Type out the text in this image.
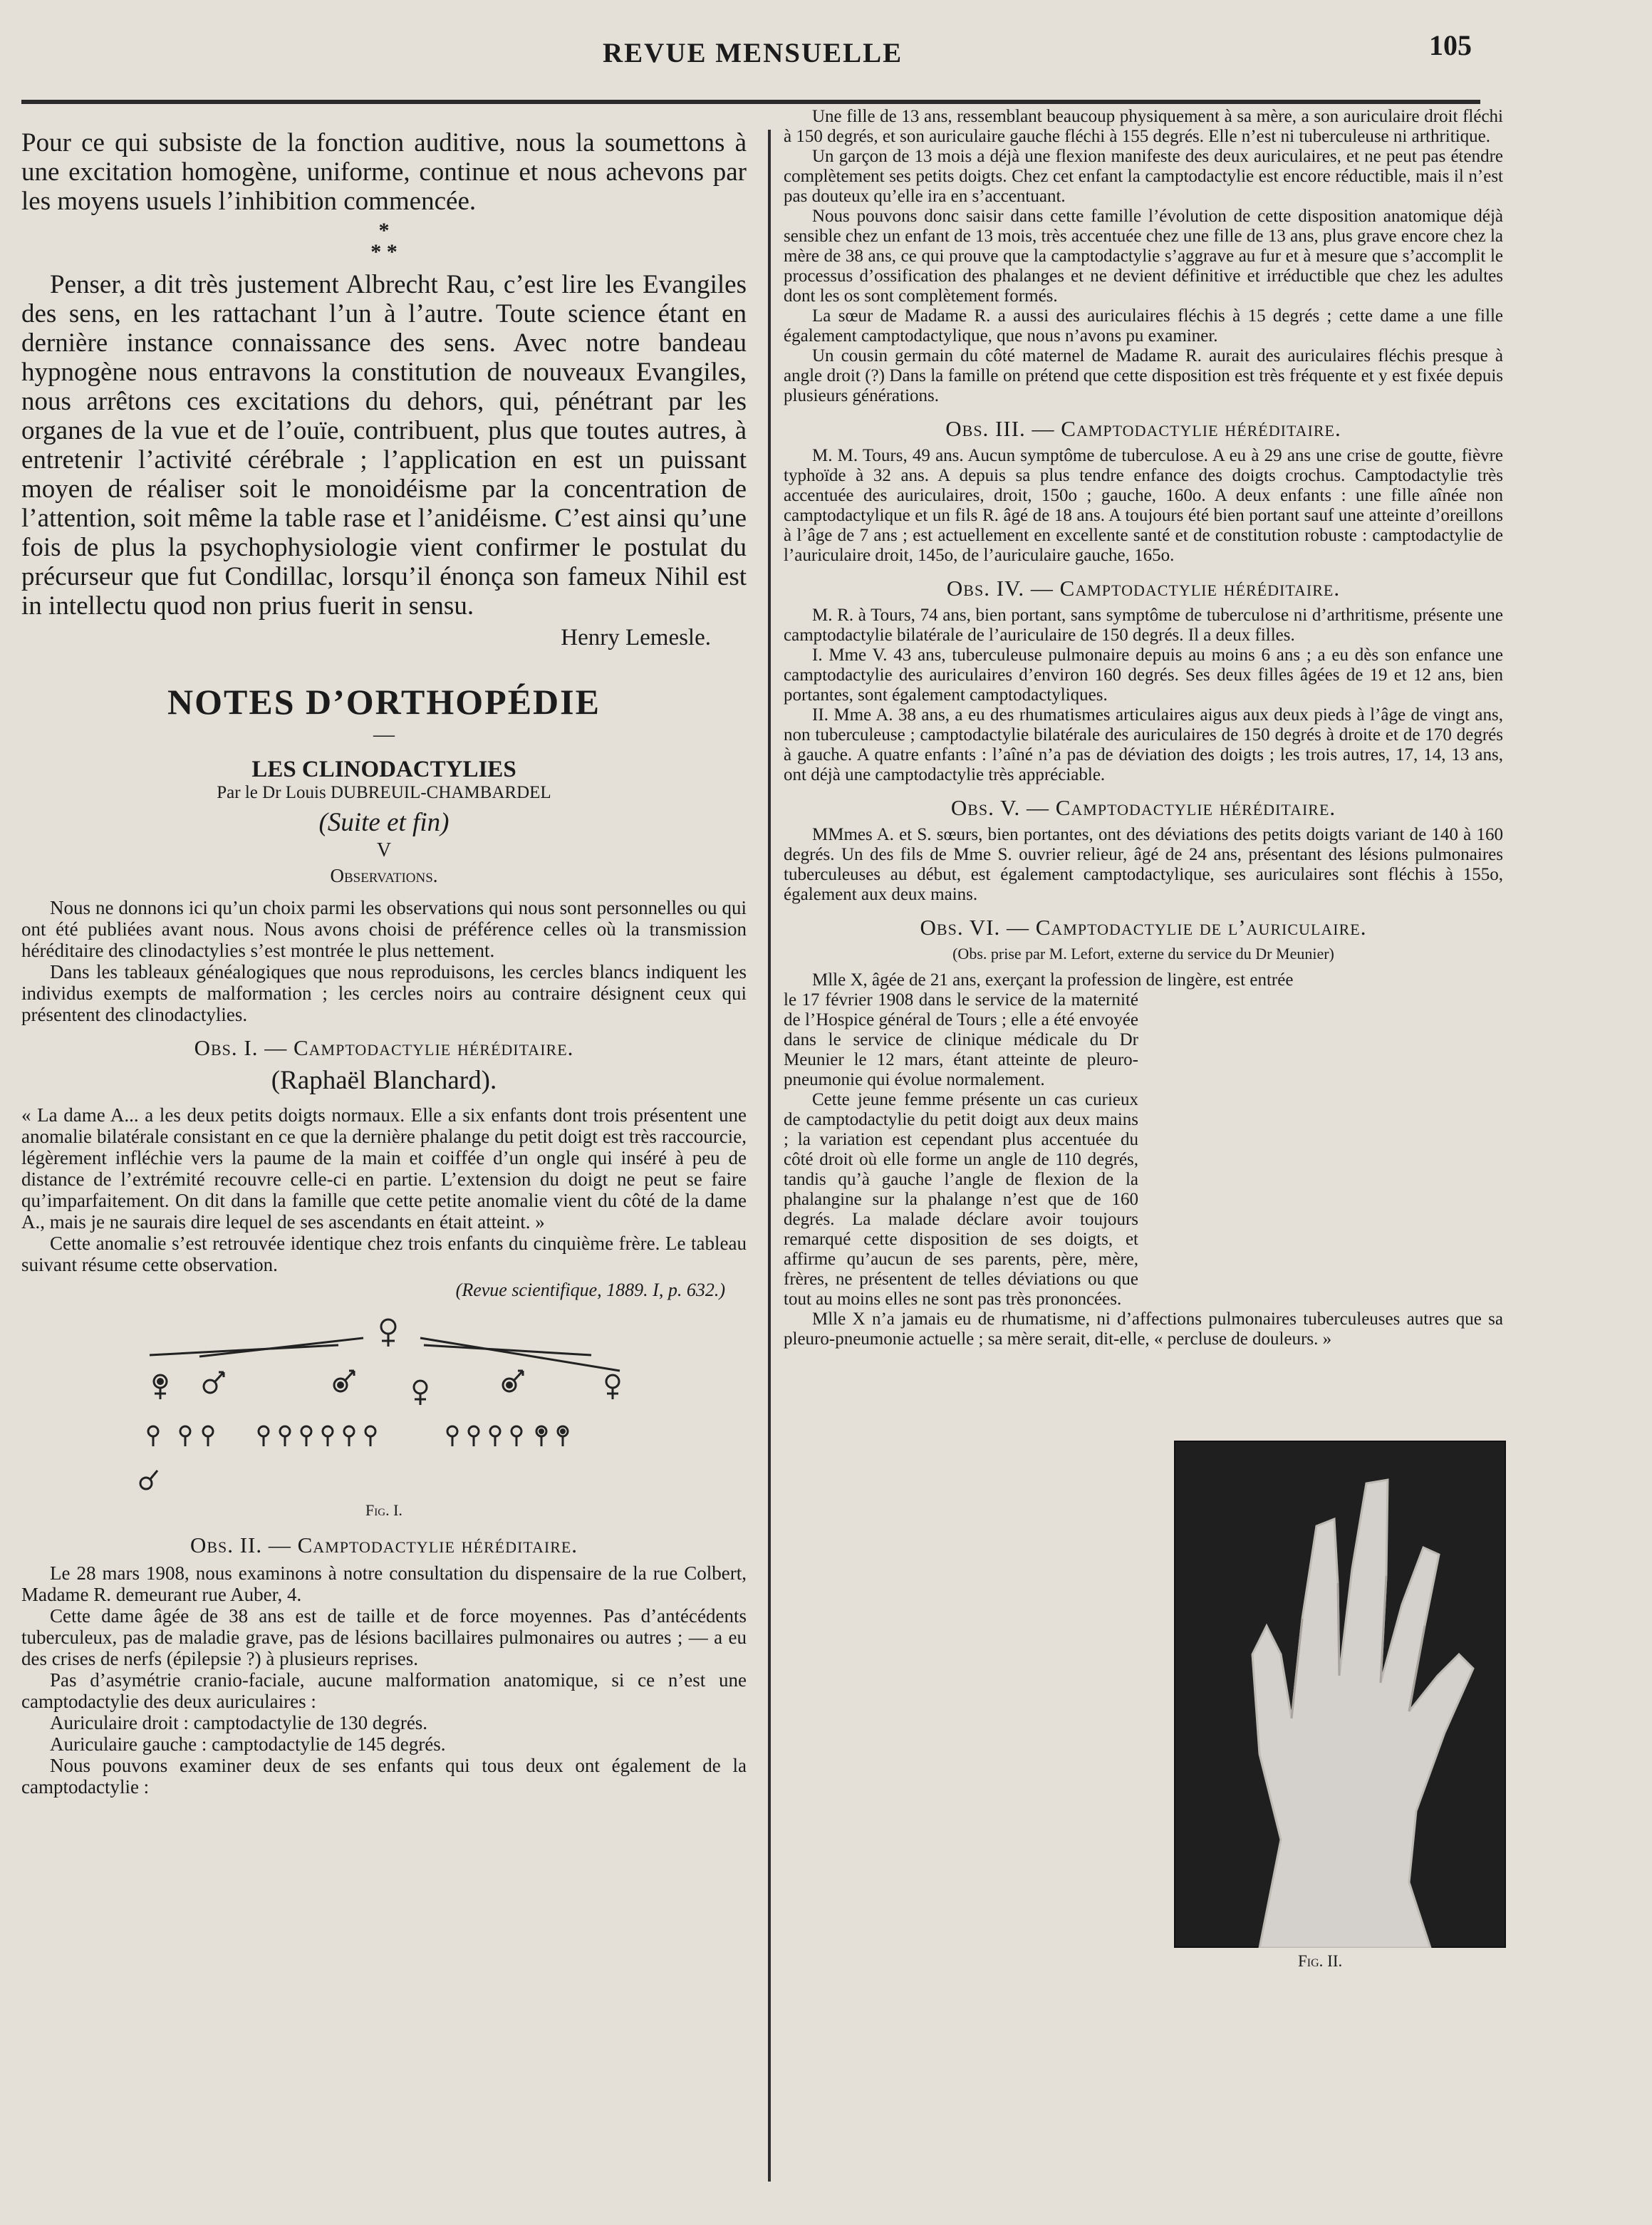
REVUE MENSUELLE	105

Pour ce qui subsiste de la fonction auditive, nous la soumettons à une excitation homogène, uniforme, continue et nous achevons par les moyens usuels l’inhibition commencée.

*
* *

Penser, a dit très justement Albrecht Rau, c’est lire les Evangiles des sens, en les rattachant l’un à l’autre. Toute science étant en dernière instance connaissance des sens. Avec notre bandeau hypnogène nous entravons la constitution de nouveaux Evangiles, nous arrêtons ces excitations du dehors, qui, pénétrant par les organes de la vue et de l’ouïe, contribuent, plus que toutes autres, à entretenir l’activité cérébrale ; l’application en est un puissant moyen de réaliser soit le monoidéisme par la concentration de l’attention, soit même la table rase et l’anidéisme. C’est ainsi qu’une fois de plus la psychophysiologie vient confirmer le postulat du précurseur que fut Condillac, lorsqu’il énonça son fameux Nihil est in intellectu quod non prius fuerit in sensu.

Henry Lemesle.
NOTES D’ORTHOPÉDIE
—
LES CLINODACTYLIES
Par le Dr Louis DUBREUIL-CHAMBARDEL
(Suite et fin)
V
Observations.

Nous ne donnons ici qu’un choix parmi les observations qui nous sont personnelles ou qui ont été publiées avant nous. Nous avons choisi de préférence celles où la transmission héréditaire des clinodactylies s’est montrée le plus nettement.

Dans les tableaux généalogiques que nous reproduisons, les cercles blancs indiquent les individus exempts de malformation ; les cercles noirs au contraire désignent ceux qui présentent des clinodactylies.

Obs. I. — Camptodactylie héréditaire.
(Raphaël Blanchard).

« La dame A... a les deux petits doigts normaux. Elle a six enfants dont trois présentent une anomalie bilatérale consistant en ce que la dernière phalange du petit doigt est très raccourcie, légèrement infléchie vers la paume de la main et coiffée d’un ongle qui inséré à peu de distance de l’extrémité recouvre celle-ci en partie. L’extension du doigt ne peut se faire qu’imparfaitement. On dit dans la famille que cette petite anomalie vient du côté de la dame A., mais je ne saurais dire lequel de ses ascendants en était atteint. »

Cette anomalie s’est retrouvée identique chez trois enfants du cinquième frère. Le tableau suivant résume cette observation.

(Revue scientifique, 1889. I, p. 632.)
Fig. I.
Obs. II. — Camptodactylie héréditaire.

Le 28 mars 1908, nous examinons à notre consultation du dispensaire de la rue Colbert, Madame R. demeurant rue Auber, 4.

Cette dame âgée de 38 ans est de taille et de force moyennes. Pas d’antécédents tuberculeux, pas de maladie grave, pas de lésions bacillaires pulmonaires ou autres ; — a eu des crises de nerfs (épilepsie ?) à plusieurs reprises.

Pas d’asymétrie cranio-faciale, aucune malformation anatomique, si ce n’est une camptodactylie des deux auriculaires :

Auriculaire droit : camptodactylie de 130 degrés.

Auriculaire gauche : camptodactylie de 145 degrés.

Nous pouvons examiner deux de ses enfants qui tous deux ont également de la camptodactylie :

Une fille de 13 ans, ressemblant beaucoup physiquement à sa mère, a son auriculaire droit fléchi à 150 degrés, et son auriculaire gauche fléchi à 155 degrés. Elle n’est ni tuberculeuse ni arthritique.

Un garçon de 13 mois a déjà une flexion manifeste des deux auriculaires, et ne peut pas étendre complètement ses petits doigts. Chez cet enfant la camptodactylie est encore réductible, mais il n’est pas douteux qu’elle ira en s’accentuant.

Nous pouvons donc saisir dans cette famille l’évolution de cette disposition anatomique déjà sensible chez un enfant de 13 mois, très accentuée chez une fille de 13 ans, plus grave encore chez la mère de 38 ans, ce qui prouve que la camptodactylie s’aggrave au fur et à mesure que s’accomplit le processus d’ossification des phalanges et ne devient définitive et irréductible que chez les adultes dont les os sont complètement formés.

La sœur de Madame R. a aussi des auriculaires fléchis à 15 degrés ; cette dame a une fille également camptodactylique, que nous n’avons pu examiner.

Un cousin germain du côté maternel de Madame R. aurait des auriculaires fléchis presque à angle droit (?) Dans la famille on prétend que cette disposition est très fréquente et y est fixée depuis plusieurs générations.

Obs. III. — Camptodactylie héréditaire.

M. M. Tours, 49 ans. Aucun symptôme de tuberculose. A eu à 29 ans une crise de goutte, fièvre typhoïde à 32 ans. A depuis sa plus tendre enfance des doigts crochus. Camptodactylie très accentuée des auriculaires, droit, 150o ; gauche, 160o. A deux enfants : une fille aînée non camptodactylique et un fils R. âgé de 18 ans. A toujours été bien portant sauf une atteinte d’oreillons à l’âge de 7 ans ; est actuellement en excellente santé et de constitution robuste : camptodactylie de l’auriculaire droit, 145o, de l’auriculaire gauche, 165o.

Obs. IV. — Camptodactylie héréditaire.

M. R. à Tours, 74 ans, bien portant, sans symptôme de tuberculose ni d’arthritisme, présente une camptodactylie bilatérale de l’auriculaire de 150 degrés. Il a deux filles.

I. Mme V. 43 ans, tuberculeuse pulmonaire depuis au moins 6 ans ; a eu dès son enfance une camptodactylie des auriculaires d’environ 160 degrés. Ses deux filles âgées de 19 et 12 ans, bien portantes, sont également camptodactyliques.

II. Mme A. 38 ans, a eu des rhumatismes articulaires aigus aux deux pieds à l’âge de vingt ans, non tuberculeuse ; camptodactylie bilatérale des auriculaires de 150 degrés à droite et de 170 degrés à gauche. A quatre enfants : l’aîné n’a pas de déviation des doigts ; les trois autres, 17, 14, 13 ans, ont déjà une camptodactylie très appréciable.

Obs. V. — Camptodactylie héréditaire.

MMmes A. et S. sœurs, bien portantes, ont des déviations des petits doigts variant de 140 à 160 degrés. Un des fils de Mme S. ouvrier relieur, âgé de 24 ans, présentant des lésions pulmonaires tuberculeuses au début, est également camptodactylique, ses auriculaires sont fléchis à 155o, également aux deux mains.

Obs. VI. — Camptodactylie de l’auriculaire.
(Obs. prise par M. Lefort, externe du service du Dr Meunier)

Mlle X, âgée de 21 ans, exerçant la profession de lingère, est entrée

le 17 février 1908 dans le service de la maternité de l’Hospice général de Tours ; elle a été envoyée dans le service de clinique médicale du Dr Meunier le 12 mars, étant atteinte de pleuro-pneumonie qui évolue normalement.

Cette jeune femme présente un cas curieux de camptodactylie du petit doigt aux deux mains ; la variation est cependant plus accentuée du côté droit où elle forme un angle de 110 degrés, tandis qu’à gauche l’angle de flexion de la phalangine sur la phalange n’est que de 160 degrés. La malade déclare avoir toujours remarqué cette disposition de ses doigts, et affirme qu’aucun de ses parents, père, mère, frères, ne présentent de telles déviations ou que tout au moins elles ne sont pas très prononcées.

Mlle X n’a jamais eu de rhumatisme, ni d’affections pulmonaires tuberculeuses autres que sa pleuro-pneumonie actuelle ; sa mère serait, dit-elle, « percluse de douleurs. »

Fig. II.
